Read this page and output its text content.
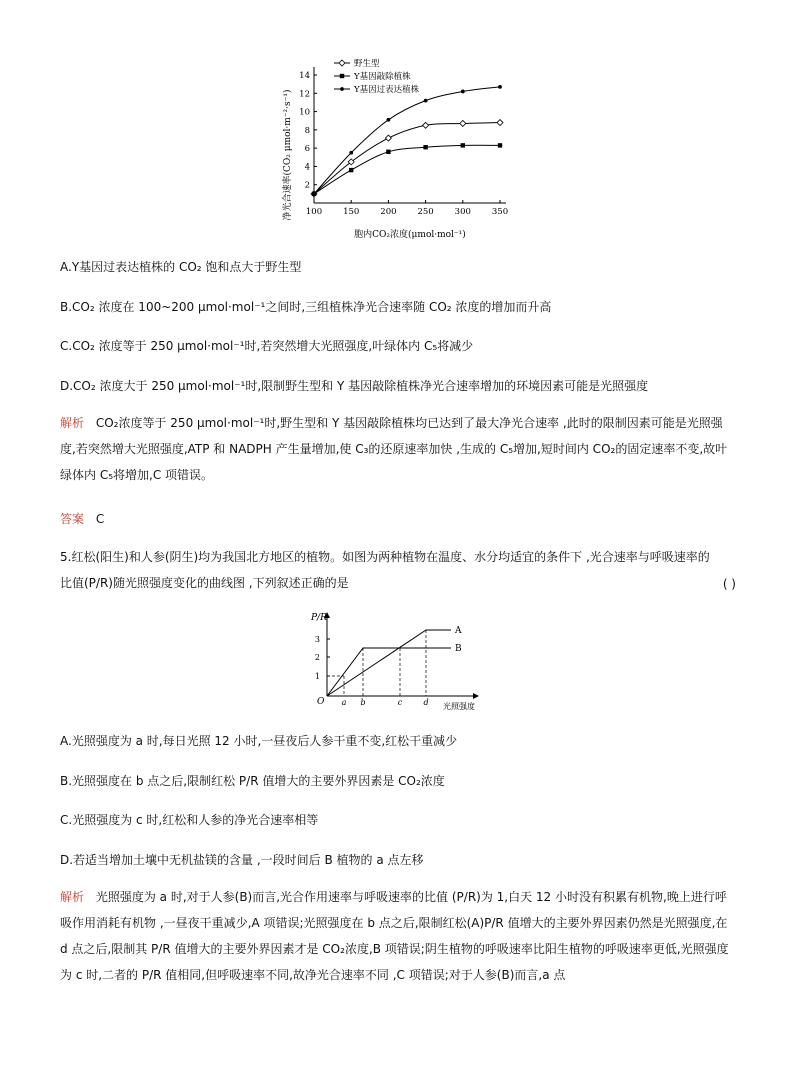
100 150 200 250 300 350
2
4
6
8
10
12
14
野生型
Y基因敲除植株
Y基因过表达植株
胞内CO₂浓度(μmol·mol⁻¹)
净光合速率(CO₂ μmol·m⁻²·s⁻¹)
A.Y基因过表达植株的 CO₂ 饱和点大于野生型
B.CO₂ 浓度在 100~200 μmol·mol⁻¹之间时,三组植株净光合速率随 CO₂ 浓度的增加而升高
C.CO₂ 浓度等于 250 μmol·mol⁻¹时,若突然增大光照强度,叶绿体内 C₅将减少
D.CO₂ 浓度大于 250 μmol·mol⁻¹时,限制野生型和 Y 基因敲除植株净光合速率增加的环境因素可能是光照强度
解析 CO₂浓度等于 250 μmol·mol⁻¹时,野生型和 Y 基因敲除植株均已达到了最大净光合速率 ,此时的限制因素可能是光照强度,若突然增大光照强度,ATP 和 NADPH 产生量增加,使 C₃的还原速率加快 ,生成的 C₅增加,短时间内 CO₂的固定速率不变,故叶绿体内 C₅将增加,C 项错误。
答案 C
5.红松(阳生)和人参(阴生)均为我国北方地区的植物。如图为两种植物在温度、水分均适宜的条件下 ,光合速率与呼吸速率的比值(P/R)随光照强度变化的曲线图 ,下列叙述正确的是	( )
P/R
O	光照强度
1
2
3
a b	c	d
A
B
A.光照强度为 a 时,每日光照 12 小时,一昼夜后人参干重不变,红松干重减少
B.光照强度在 b 点之后,限制红松 P/R 值增大的主要外界因素是 CO₂浓度
C.光照强度为 c 时,红松和人参的净光合速率相等
D.若适当增加土壤中无机盐镁的含量 ,一段时间后 B 植物的 a 点左移
解析 光照强度为 a 时,对于人参(B)而言,光合作用速率与呼吸速率的比值 (P/R)为 1,白天 12 小时没有积累有机物,晚上进行呼吸作用消耗有机物 ,一昼夜干重减少,A 项错误;光照强度在 b 点之后,限制红松(A)P/R 值增大的主要外界因素仍然是光照强度,在 d 点之后,限制其 P/R 值增大的主要外界因素才是 CO₂浓度,B 项错误;阴生植物的呼吸速率比阳生植物的呼吸速率更低,光照强度为 c 时,二者的 P/R 值相同,但呼吸速率不同,故净光合速率不同 ,C 项错误;对于人参(B)而言,a 点
